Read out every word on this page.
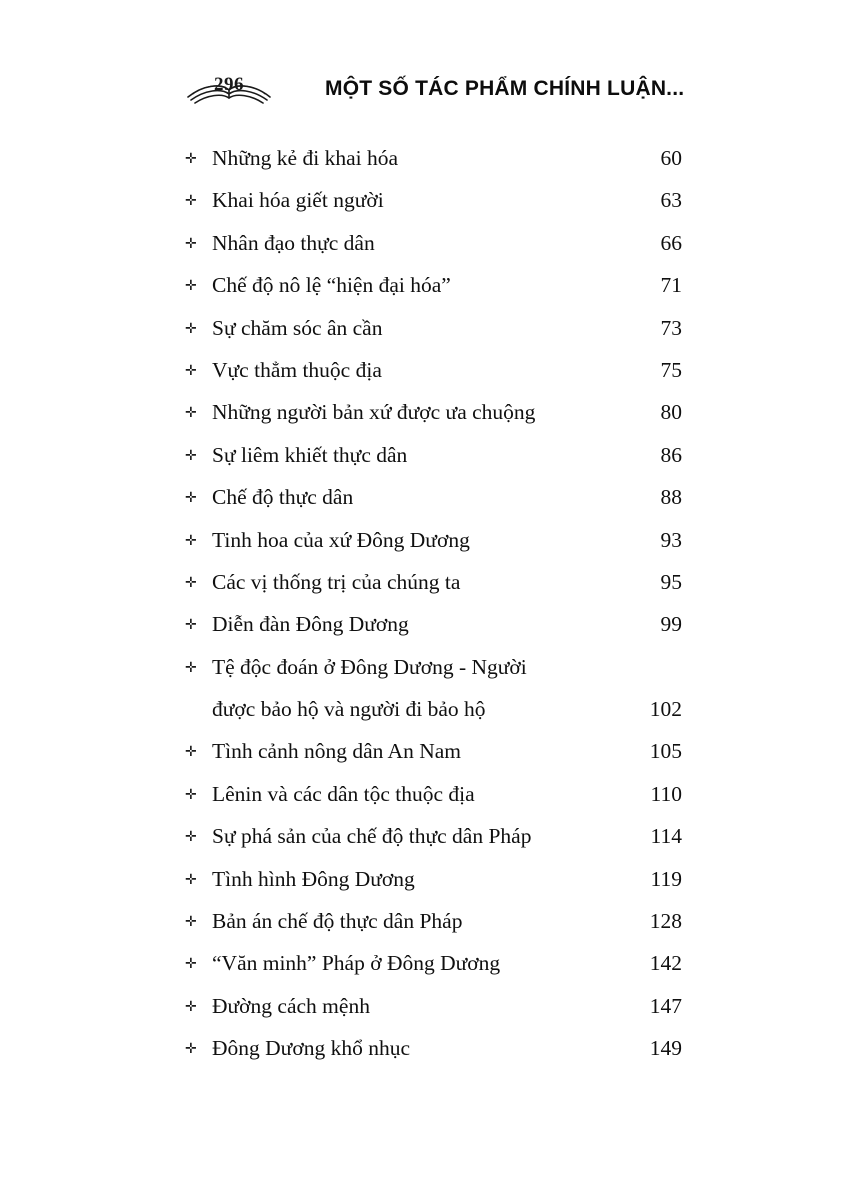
296	MỘT SỐ TÁC PHẨM CHÍNH LUẬN...
✛ Những kẻ đi khai hóa	60
✛ Khai hóa giết người	63
✛ Nhân đạo thực dân	66
✛ Chế độ nô lệ “hiện đại hóa”	71
✛ Sự chăm sóc ân cần	73
✛ Vực thẳm thuộc địa	75
✛ Những người bản xứ được ưa chuộng	80
✛ Sự liêm khiết thực dân	86
✛ Chế độ thực dân	88
✛ Tinh hoa của xứ Đông Dương	93
✛ Các vị thống trị của chúng ta	95
✛ Diễn đàn Đông Dương	99
✛ Tệ độc đoán ở Đông Dương - Người
được bảo hộ và người đi bảo hộ	102
✛ Tình cảnh nông dân An Nam	105
✛ Lênin và các dân tộc thuộc địa	110
✛ Sự phá sản của chế độ thực dân Pháp	114
✛ Tình hình Đông Dương	119
✛ Bản án chế độ thực dân Pháp	128
✛ “Văn minh” Pháp ở Đông Dương	142
✛ Đường cách mệnh	147
✛ Đông Dương khổ nhục	149
